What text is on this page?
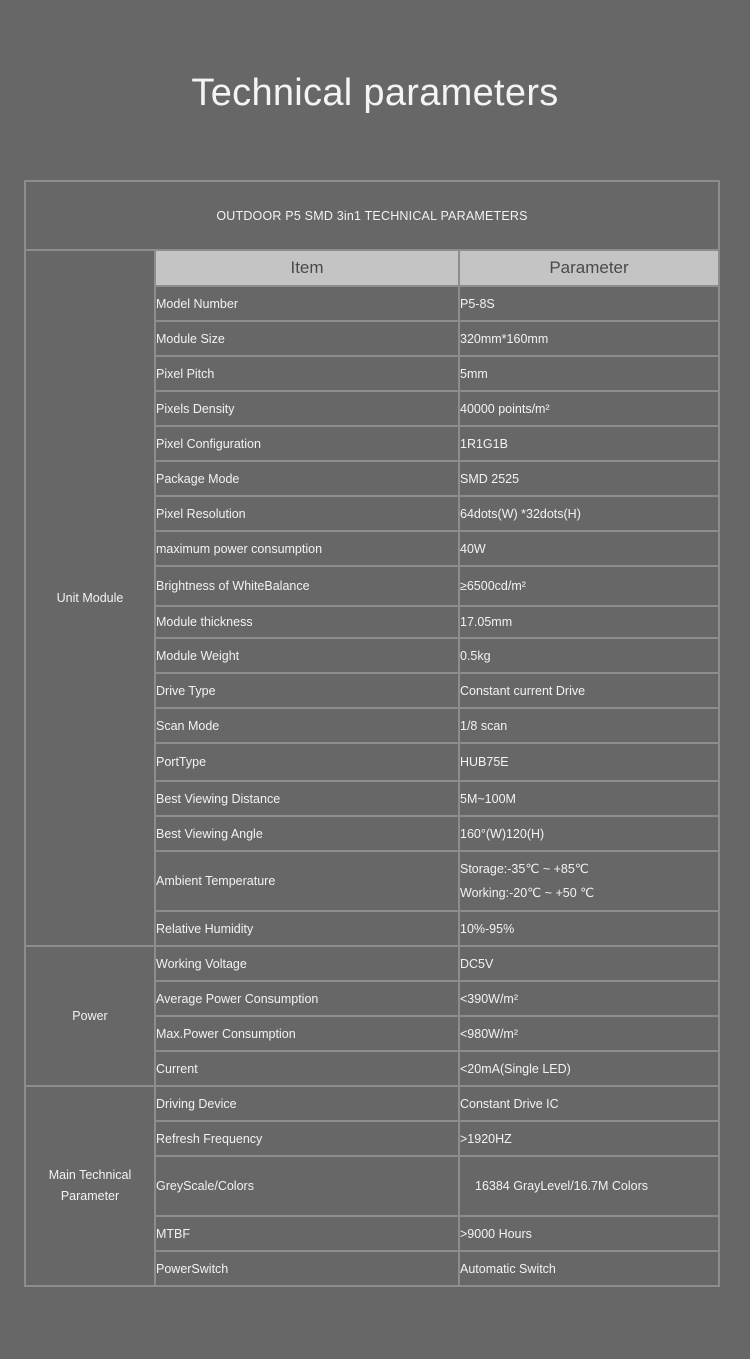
Technical parameters
OUTDOOR P5 SMD 3in1 TECHNICAL PARAMETERS		
Unit Module	Item	Parameter
	Model Number	P5-8S
	Module Size	320mm*160mm
	Pixel Pitch	5mm
	Pixels Density	40000 points/m²
	Pixel Configuration	1R1G1B
	Package Mode	SMD 2525
	Pixel Resolution	64dots(W) *32dots(H)
	maximum power consumption	40W
	Brightness of WhiteBalance	≥6500cd/m²
	Module thickness	17.05mm
	Module Weight	0.5kg
	Drive Type	Constant current Drive
	Scan Mode	1/8 scan
	PortType	HUB75E
	Best Viewing Distance	5M~100M
	Best Viewing Angle	160°(W)120(H)
	Ambient Temperature	Storage:-35℃ ~ +85℃
Working:-20℃ ~ +50 ℃

	Relative Humidity	10%-95%
Power	Working Voltage	DC5V
	Average Power Consumption	<390W/m²
	Max.Power Consumption	<980W/m²
	Current	<20mA(Single LED)
Main Technical Parameter	Driving Device	Constant Drive IC
	Refresh Frequency	>1920HZ
	GreyScale/Colors	16384 GrayLevel/16.7M Colors
	MTBF	>9000 Hours
	PowerSwitch	Automatic Switch
